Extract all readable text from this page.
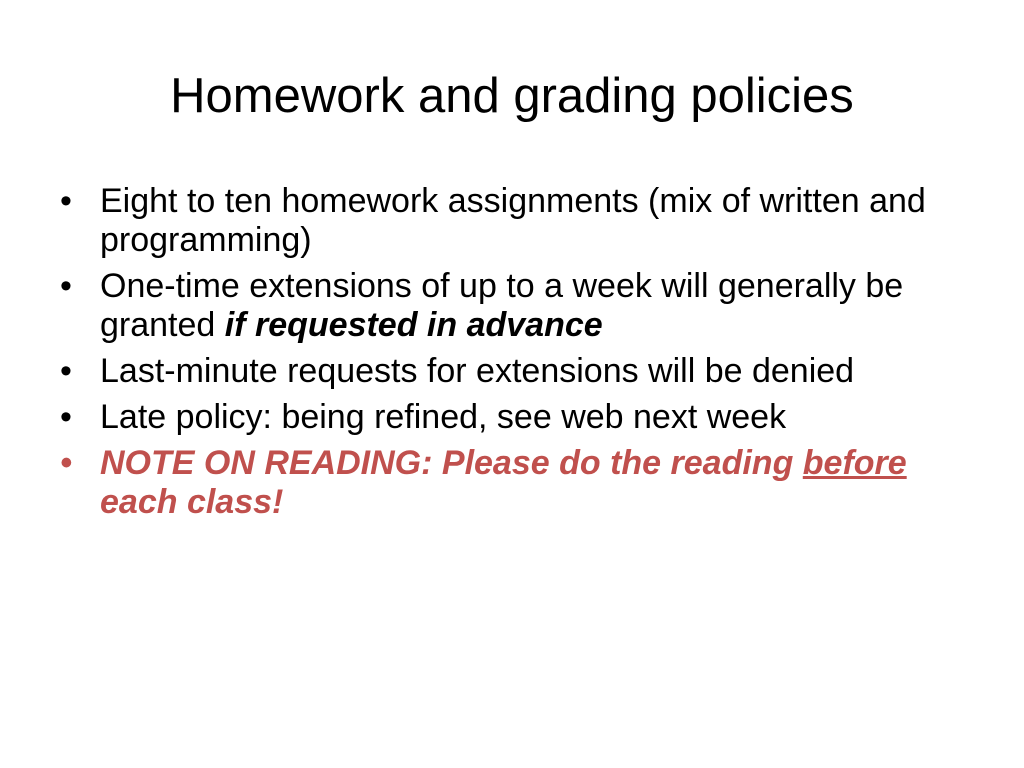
Homework and grading policies
• Eight to ten homework assignments (mix of written and programming)
• One-time extensions of up to a week will generally be granted if requested in advance
• Last-minute requests for extensions will be denied
• Late policy: being refined, see web next week
• NOTE ON READING: Please do the reading before each class!
